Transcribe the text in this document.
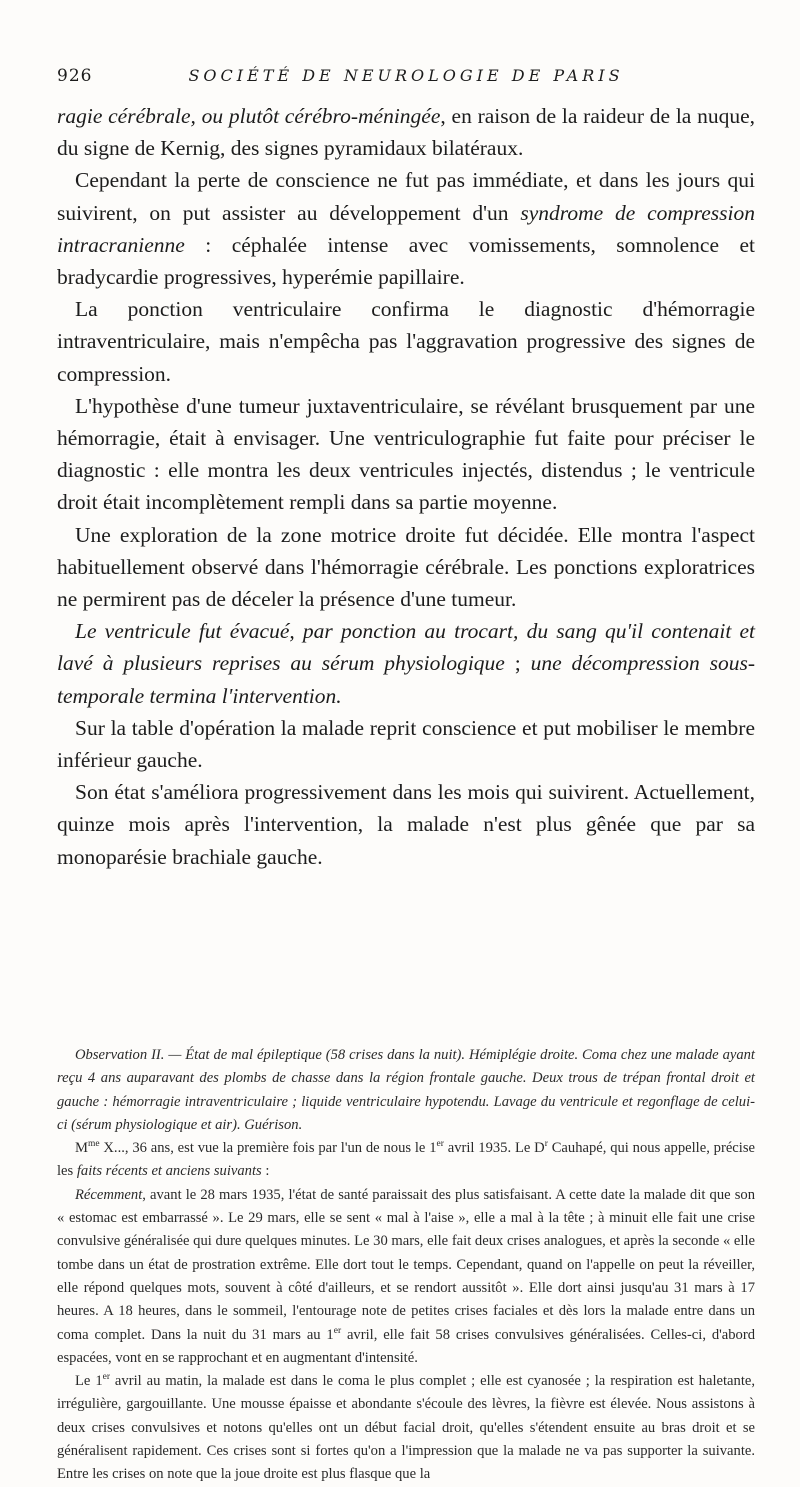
926	SOCIÉTÉ DE NEUROLOGIE DE PARIS

ragie cérébrale, ou plutôt cérébro-méningée, en raison de la raideur de la nuque, du signe de Kernig, des signes pyramidaux bilatéraux.

Cependant la perte de conscience ne fut pas immédiate, et dans les jours qui suivirent, on put assister au développement d'un syndrome de compression intracranienne : céphalée intense avec vomissements, somnolence et bradycardie progressives, hyperémie papillaire.

La ponction ventriculaire confirma le diagnostic d'hémorragie intraventriculaire, mais n'empêcha pas l'aggravation progressive des signes de compression.

L'hypothèse d'une tumeur juxtaventriculaire, se révélant brusquement par une hémorragie, était à envisager. Une ventriculographie fut faite pour préciser le diagnostic : elle montra les deux ventricules injectés, distendus ; le ventricule droit était incomplètement rempli dans sa partie moyenne.

Une exploration de la zone motrice droite fut décidée. Elle montra l'aspect habituellement observé dans l'hémorragie cérébrale. Les ponctions exploratrices ne permirent pas de déceler la présence d'une tumeur.

Le ventricule fut évacué, par ponction au trocart, du sang qu'il contenait et lavé à plusieurs reprises au sérum physiologique ; une décompression sous-temporale termina l'intervention.

Sur la table d'opération la malade reprit conscience et put mobiliser le membre inférieur gauche.

Son état s'améliora progressivement dans les mois qui suivirent. Actuellement, quinze mois après l'intervention, la malade n'est plus gênée que par sa monoparésie brachiale gauche.

Observation II. — État de mal épileptique (58 crises dans la nuit). Hémiplégie droite. Coma chez une malade ayant reçu 4 ans auparavant des plombs de chasse dans la région frontale gauche. Deux trous de trépan frontal droit et gauche : hémorragie intraventriculaire ; liquide ventriculaire hypotendu. Lavage du ventricule et regonflage de celui-ci (sérum physiologique et air). Guérison.

$M^{me}$ X..., 36 ans, est vue la première fois par l'un de nous le 1er avril 1935. Le $D^r$ Cauhapé, qui nous appelle, précise les faits récents et anciens suivants :

Récemment, avant le 28 mars 1935, l'état de santé paraissait des plus satisfaisant. A cette date la malade dit que son « estomac est embarrassé ». Le 29 mars, elle se sent « mal à l'aise », elle a mal à la tête ; à minuit elle fait une crise convulsive généralisée qui dure quelques minutes. Le 30 mars, elle fait deux crises analogues, et après la seconde « elle tombe dans un état de prostration extrême. Elle dort tout le temps. Cependant, quand on l'appelle on peut la réveiller, elle répond quelques mots, souvent à côté d'ailleurs, et se rendort aussitôt ». Elle dort ainsi jusqu'au 31 mars à 17 heures. A 18 heures, dans le sommeil, l'entourage note de petites crises faciales et dès lors la malade entre dans un coma complet. Dans la nuit du 31 mars au 1er avril, elle fait 58 crises convulsives généralisées. Celles-ci, d'abord espacées, vont en se rapprochant et en augmentant d'intensité.

Le 1er avril au matin, la malade est dans le coma le plus complet ; elle est cyanosée ; la respiration est haletante, irrégulière, gargouillante. Une mousse épaisse et abondante s'écoule des lèvres, la fièvre est élevée. Nous assistons à deux crises convulsives et notons qu'elles ont un début facial droit, qu'elles s'étendent ensuite au bras droit et se généralisent rapidement. Ces crises sont si fortes qu'on a l'impression que la malade ne va pas supporter la suivante. Entre les crises on note que la joue droite est plus flasque que la
